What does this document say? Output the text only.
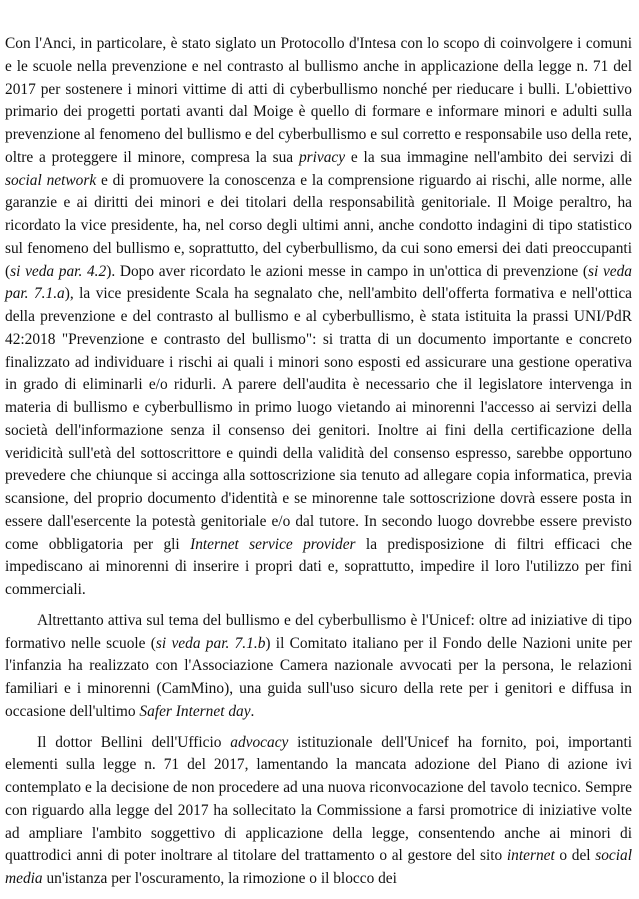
Con l'Anci, in particolare, è stato siglato un Protocollo d'Intesa con lo scopo di coinvolgere i comuni e le scuole nella prevenzione e nel contrasto al bullismo anche in applicazione della legge n. 71 del 2017 per sostenere i minori vittime di atti di cyberbullismo nonché per rieducare i bulli. L'obiettivo primario dei progetti portati avanti dal Moige è quello di formare e informare minori e adulti sulla prevenzione al fenomeno del bullismo e del cyberbullismo e sul corretto e responsabile uso della rete, oltre a proteggere il minore, compresa la sua privacy e la sua immagine nell'ambito dei servizi di social network e di promuovere la conoscenza e la comprensione riguardo ai rischi, alle norme, alle garanzie e ai diritti dei minori e dei titolari della responsabilità genitoriale. Il Moige peraltro, ha ricordato la vice presidente, ha, nel corso degli ultimi anni, anche condotto indagini di tipo statistico sul fenomeno del bullismo e, soprattutto, del cyberbullismo, da cui sono emersi dei dati preoccupanti (si veda par. 4.2). Dopo aver ricordato le azioni messe in campo in un'ottica di prevenzione (si veda par. 7.1.a), la vice presidente Scala ha segnalato che, nell'ambito dell'offerta formativa e nell'ottica della prevenzione e del contrasto al bullismo e al cyberbullismo, è stata istituita la prassi UNI/PdR 42:2018 "Prevenzione e contrasto del bullismo": si tratta di un documento importante e concreto finalizzato ad individuare i rischi ai quali i minori sono esposti ed assicurare una gestione operativa in grado di eliminarli e/o ridurli. A parere dell'audita è necessario che il legislatore intervenga in materia di bullismo e cyberbullismo in primo luogo vietando ai minorenni l'accesso ai servizi della società dell'informazione senza il consenso dei genitori. Inoltre ai fini della certificazione della veridicità sull'età del sottoscrittore e quindi della validità del consenso espresso, sarebbe opportuno prevedere che chiunque si accinga alla sottoscrizione sia tenuto ad allegare copia informatica, previa scansione, del proprio documento d'identità e se minorenne tale sottoscrizione dovrà essere posta in essere dall'esercente la potestà genitoriale e/o dal tutore. In secondo luogo dovrebbe essere previsto come obbligatoria per gli Internet service provider la predisposizione di filtri efficaci che impediscano ai minorenni di inserire i propri dati e, soprattutto, impedire il loro l'utilizzo per fini commerciali.

Altrettanto attiva sul tema del bullismo e del cyberbullismo è l'Unicef: oltre ad iniziative di tipo formativo nelle scuole (si veda par. 7.1.b) il Comitato italiano per il Fondo delle Nazioni unite per l'infanzia ha realizzato con l'Associazione Camera nazionale avvocati per la persona, le relazioni familiari e i minorenni (CamMino), una guida sull'uso sicuro della rete per i genitori e diffusa in occasione dell'ultimo Safer Internet day.

Il dottor Bellini dell'Ufficio advocacy istituzionale dell'Unicef ha fornito, poi, importanti elementi sulla legge n. 71 del 2017, lamentando la mancata adozione del Piano di azione ivi contemplato e la decisione de non procedere ad una nuova riconvocazione del tavolo tecnico. Sempre con riguardo alla legge del 2017 ha sollecitato la Commissione a farsi promotrice di iniziative volte ad ampliare l'ambito soggettivo di applicazione della legge, consentendo anche ai minori di quattrodici anni di poter inoltrare al titolare del trattamento o al gestore del sito internet o del social media un'istanza per l'oscuramento, la rimozione o il blocco dei
